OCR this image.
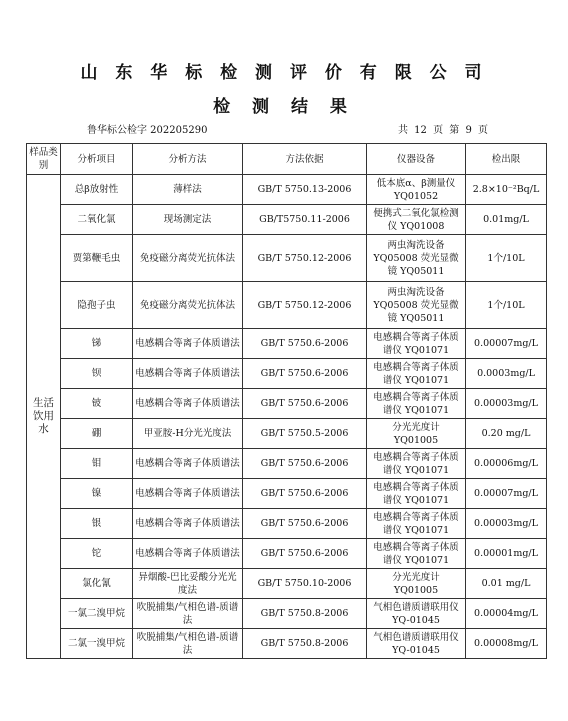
山 东 华 标 检 测 评 价 有 限 公 司
检 测 结 果
鲁华标公检字 202205290	共 12 页 第 9 页
样品类别	分析项目	分析方法	方法依据	仪器设备	检出限
生活饮用水	总β放射性	薄样法	GB/T 5750.13-2006	低本底α、β测量仪 YQ01052	2.8×10⁻²Bq/L
	二氧化氯	现场测定法	GB/T5750.11-2006	便携式二氧化氯检测仪 YQ01008	0.01mg/L
	贾第鞭毛虫	免疫磁分离荧光抗体法	GB/T 5750.12-2006	两虫淘洗设备 YQ05008 荧光显微镜 YQ05011	1个/10L
	隐孢子虫	免疫磁分离荧光抗体法	GB/T 5750.12-2006	两虫淘洗设备 YQ05008 荧光显微镜 YQ05011	1个/10L
	锑	电感耦合等离子体质谱法	GB/T 5750.6-2006	电感耦合等离子体质谱仪 YQ01071	0.00007mg/L
	钡	电感耦合等离子体质谱法	GB/T 5750.6-2006	电感耦合等离子体质谱仪 YQ01071	0.0003mg/L
	铍	电感耦合等离子体质谱法	GB/T 5750.6-2006	电感耦合等离子体质谱仪 YQ01071	0.00003mg/L
	硼	甲亚胺-H分光光度法	GB/T 5750.5-2006	分光光度计 YQ01005	0.20 mg/L
	钼	电感耦合等离子体质谱法	GB/T 5750.6-2006	电感耦合等离子体质谱仪 YQ01071	0.00006mg/L
	镍	电感耦合等离子体质谱法	GB/T 5750.6-2006	电感耦合等离子体质谱仪 YQ01071	0.00007mg/L
	银	电感耦合等离子体质谱法	GB/T 5750.6-2006	电感耦合等离子体质谱仪 YQ01071	0.00003mg/L
	铊	电感耦合等离子体质谱法	GB/T 5750.6-2006	电感耦合等离子体质谱仪 YQ01071	0.00001mg/L
	氯化氰	异烟酸-巴比妥酸分光光度法	GB/T 5750.10-2006	分光光度计 YQ01005	0.01 mg/L
	一氯二溴甲烷	吹脱捕集/气相色谱-质谱法	GB/T 5750.8-2006	气相色谱质谱联用仪 YQ-01045	0.00004mg/L
	二氯一溴甲烷	吹脱捕集/气相色谱-质谱法	GB/T 5750.8-2006	气相色谱质谱联用仪 YQ-01045	0.00008mg/L
